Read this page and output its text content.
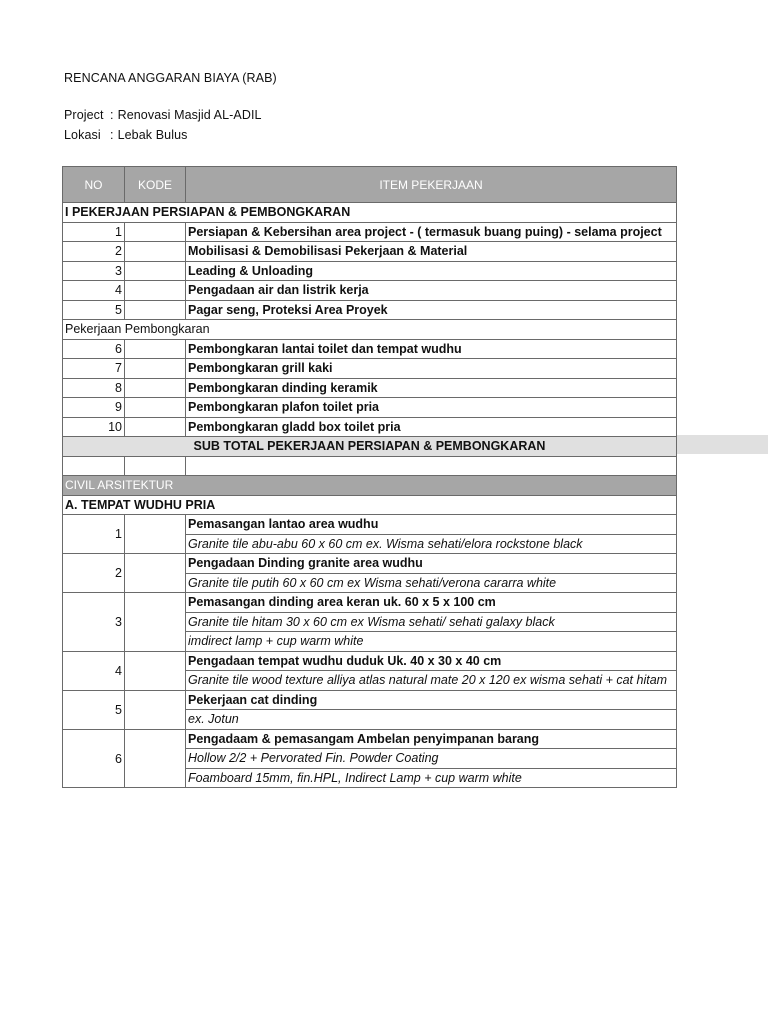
RENCANA ANGGARAN BIAYA (RAB)
Project : Renovasi Masjid AL-ADIL
Lokasi : Lebak Bulus
NO	KODE	ITEM PEKERJAAN
I PEKERJAAN PERSIAPAN & PEMBONGKARAN
1	Persiapan & Kebersihan area project - ( termasuk buang puing) - selama project
2	Mobilisasi & Demobilisasi Pekerjaan & Material
3	Leading & Unloading
4	Pengadaan air dan listrik kerja
5	Pagar seng, Proteksi Area Proyek
Pekerjaan Pembongkaran
6	Pembongkaran lantai toilet dan tempat wudhu
7	Pembongkaran grill kaki
8	Pembongkaran dinding keramik
9	Pembongkaran plafon toilet pria
10	Pembongkaran gladd box toilet pria
SUB TOTAL PEKERJAAN PERSIAPAN & PEMBONGKARAN
CIVIL ARSITEKTUR
A. TEMPAT WUDHU PRIA
1
Pemasangan lantao area wudhu
Granite tile abu-abu 60 x 60 cm ex. Wisma sehati/elora rockstone black
2
Pengadaan Dinding granite area wudhu
Granite tile putih 60 x 60 cm ex Wisma sehati/verona cararra white
3
Pemasangan dinding area keran uk. 60 x 5 x 100 cm
Granite tile hitam 30 x 60 cm ex Wisma sehati/ sehati galaxy black
imdirect lamp + cup warm white
4
Pengadaan tempat wudhu duduk Uk. 40 x 30 x 40 cm
Granite tile wood texture alliya atlas natural mate 20 x 120 ex wisma sehati + cat hitam
5
Pekerjaan cat dinding
ex. Jotun
6
Pengadaam & pemasangam Ambelan penyimpanan barang
Hollow 2/2 + Pervorated Fin. Powder Coating
Foamboard 15mm, fin.HPL, Indirect Lamp + cup warm white
